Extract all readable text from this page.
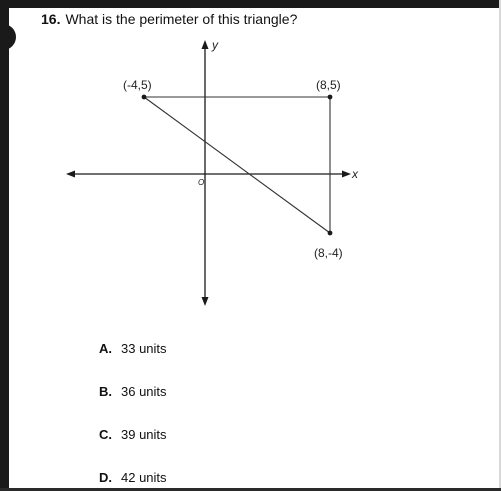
16. What is the perimeter of this triangle?
x
y
O
(-4,5)	(8,5)
(8,-4)
A. 33 units
B. 36 units
C. 39 units
D. 42 units
